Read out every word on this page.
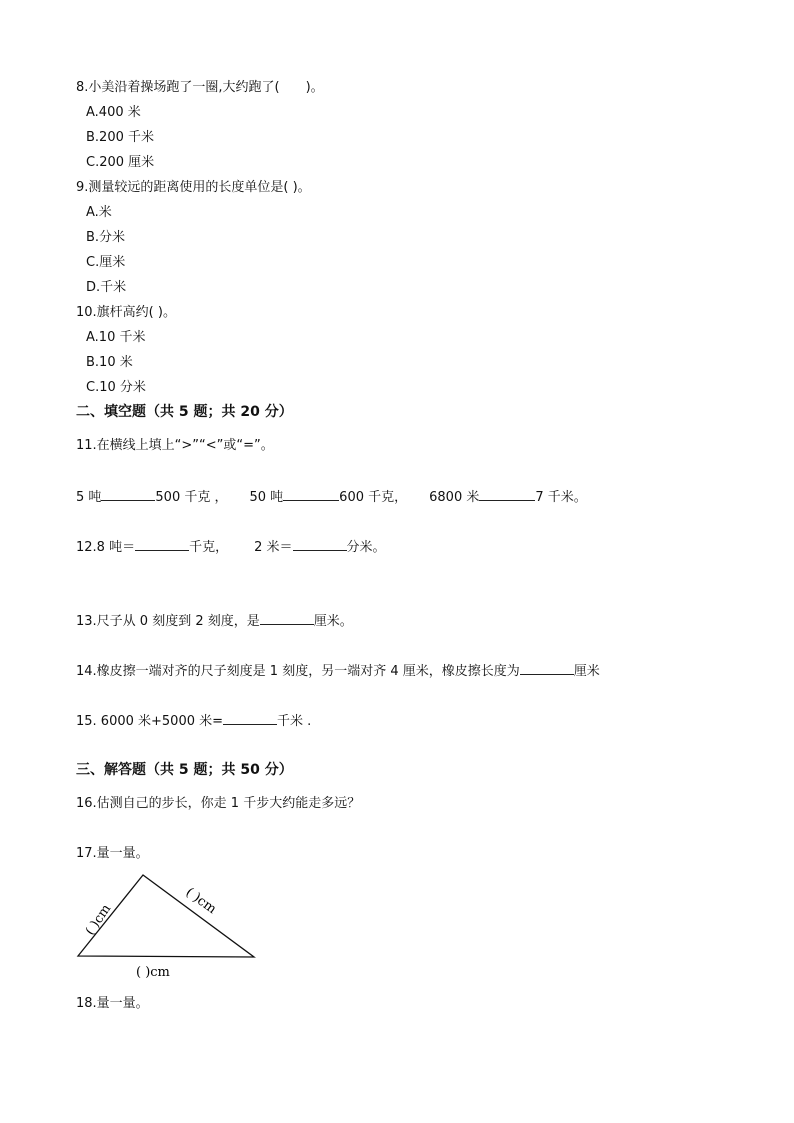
8.小美沿着操场跑了一圈,大约跑了(　　)。
A.400 米
B.200 千米
C.200 厘米
9.测量较远的距离使用的长度单位是( )。
A.米
B.分米
C.厘米
D.千米
10.旗杆高约( )。
A.10 千米
B.10 米
C.10 分米
二、填空题（共 5 题；共 20 分）
11.在横线上填上“>”“<”或“=”。
5 吨	500 千克 ， 50 吨	600 千克， 6800 米	7 千米。
12.8 吨＝	千克， 2 米＝	分米。
13.尺子从 0 刻度到 2 刻度，是	厘米。
14.橡皮擦一端对齐的尺子刻度是 1 刻度，另一端对齐 4 厘米，橡皮擦长度为	厘米
15. 6000 米+5000 米=	千米 .
三、解答题（共 5 题；共 50 分）
16.估测自己的步长，你走 1 千步大约能走多远？
17.量一量。
( )cm
( )cm
( )cm
18.量一量。
